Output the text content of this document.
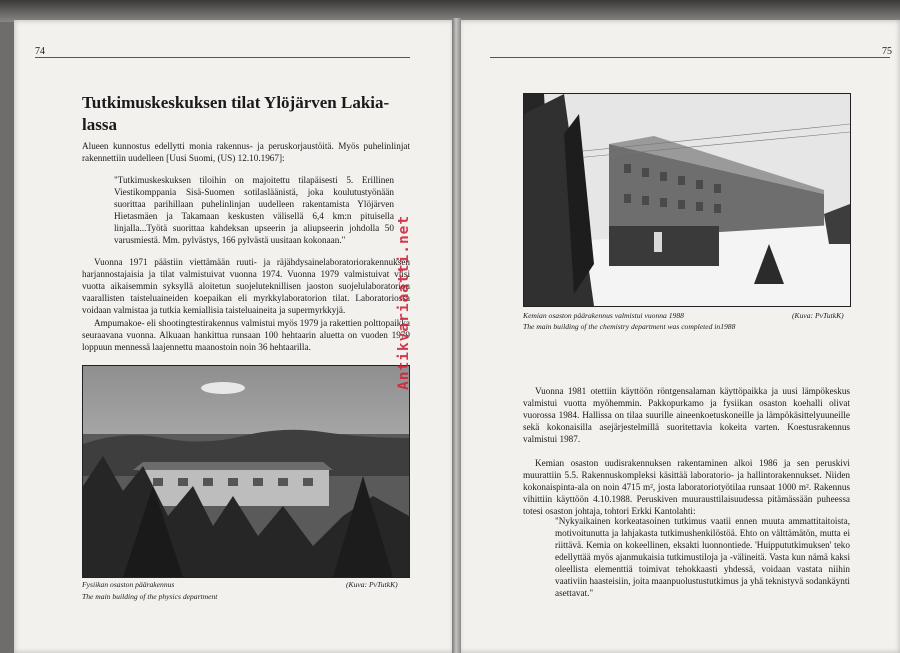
74	75
Tutkimuskeskuksen tilat Ylöjärven Lakia-lassa

Alueen kunnostus edellytti monia rakennus- ja peruskorjaustöitä. Myös puhelinlinjat rakennettiin uudelleen [Uusi Suomi, (US) 12.10.1967]:

"Tutkimuskeskuksen tiloihin on majoitettu tilapäisesti 5. Erillinen Viestikomppania Sisä-Suomen sotilasläänistä, joka koulutustyönään suorittaa parihillaan puhelinlinjan uudelleen rakentamista Ylöjärven Hietasmäen ja Takamaan keskusten välisellä 6,4 km:n pituisella linjalla...Työtä suorittaa kahdeksan upseerin ja aliupseerin johdolla 50 varusmiestä. Mm. pylvästys, 166 pylvästä uusitaan kokonaan."

Vuonna 1971 päästiin viettämään ruuti- ja räjähdysainelaboratoriorakennuksen harjannostajaisia ja tilat valmistuivat vuonna 1974. Vuonna 1979 valmistuivat viisi vuotta aikaisemmin syksyllä aloitetun suojeluteknillisen jaoston suojelulaboratorion vaarallisten taisteluaineiden koepaikan eli myrkkylaboratorion tilat. Laboratoriossa voidaan valmistaa ja tutkia kemiallisia taisteluaineita ja supermyrkkyjä.

Ampumakoe- eli shootingtestirakennus valmistui myös 1979 ja rakettien polttopaikka seuraavana vuonna. Alkuaan hankittua runsaan 100 hehtaarin aluetta on vuoden 1979 loppuun mennessä laajennettu maanostoin noin 36 hehtaarilla.

Fysiikan osaston päärakennus	(Kuva: PvTutkK)

The main building of the physics department

Kemian osaston päärakennus valmistui vuonna 1988	(Kuva: PvTutkK)

The main building of the chemistry department was completed in1988

Vuonna 1981 otettiin käyttöön röntgensalaman käyttöpaikka ja uusi lämpökeskus valmistui vuotta myöhemmin. Pakkopurkamo ja fysiikan osaston koehalli olivat vuorossa 1984. Hallissa on tilaa suurille aineenkoetuskoneille ja lämpökäsittelyuuneille sekä kokonaisilla asejärjestelmillä suoritettavia kokeita varten. Koestusrakennus valmistui 1987.

Kemian osaston uudisrakennuksen rakentaminen alkoi 1986 ja sen peruskivi muurattiin 5.5. Rakennuskompleksi käsittää laboratorio- ja hallintorakennukset. Niiden kokonaispinta-ala on noin 4715 m², josta laboratoriotyötilaa runsaat 1000 m². Rakennus vihittiin käyttöön 4.10.1988. Peruskiven muurausttilaisuudessa pitämässään puheessa totesi osaston johtaja, tohtori Erkki Kantolahti:

"Nykyaikainen korkeatasoinen tutkimus vaatii ennen muuta ammattitaitoista, motivoitunutta ja lahjakasta tutkimushenkilöstöä. Ehto on välttämätön, mutta ei riittävä. Kemia on kokeellinen, eksakti luonnontiede. 'Huippututkimuksen' teko edellyttää myös ajanmukaisia tutkimustiloja ja -välineitä. Vasta kun nämä kaksi oleellista elementtiä toimivat tehokkaasti yhdessä, voidaan vastata niihin vaativiin haasteisiin, joita maanpuolustustutkimus ja yhä teknistyvä sodankäynti asettavat."

Antikvariaatti.net
